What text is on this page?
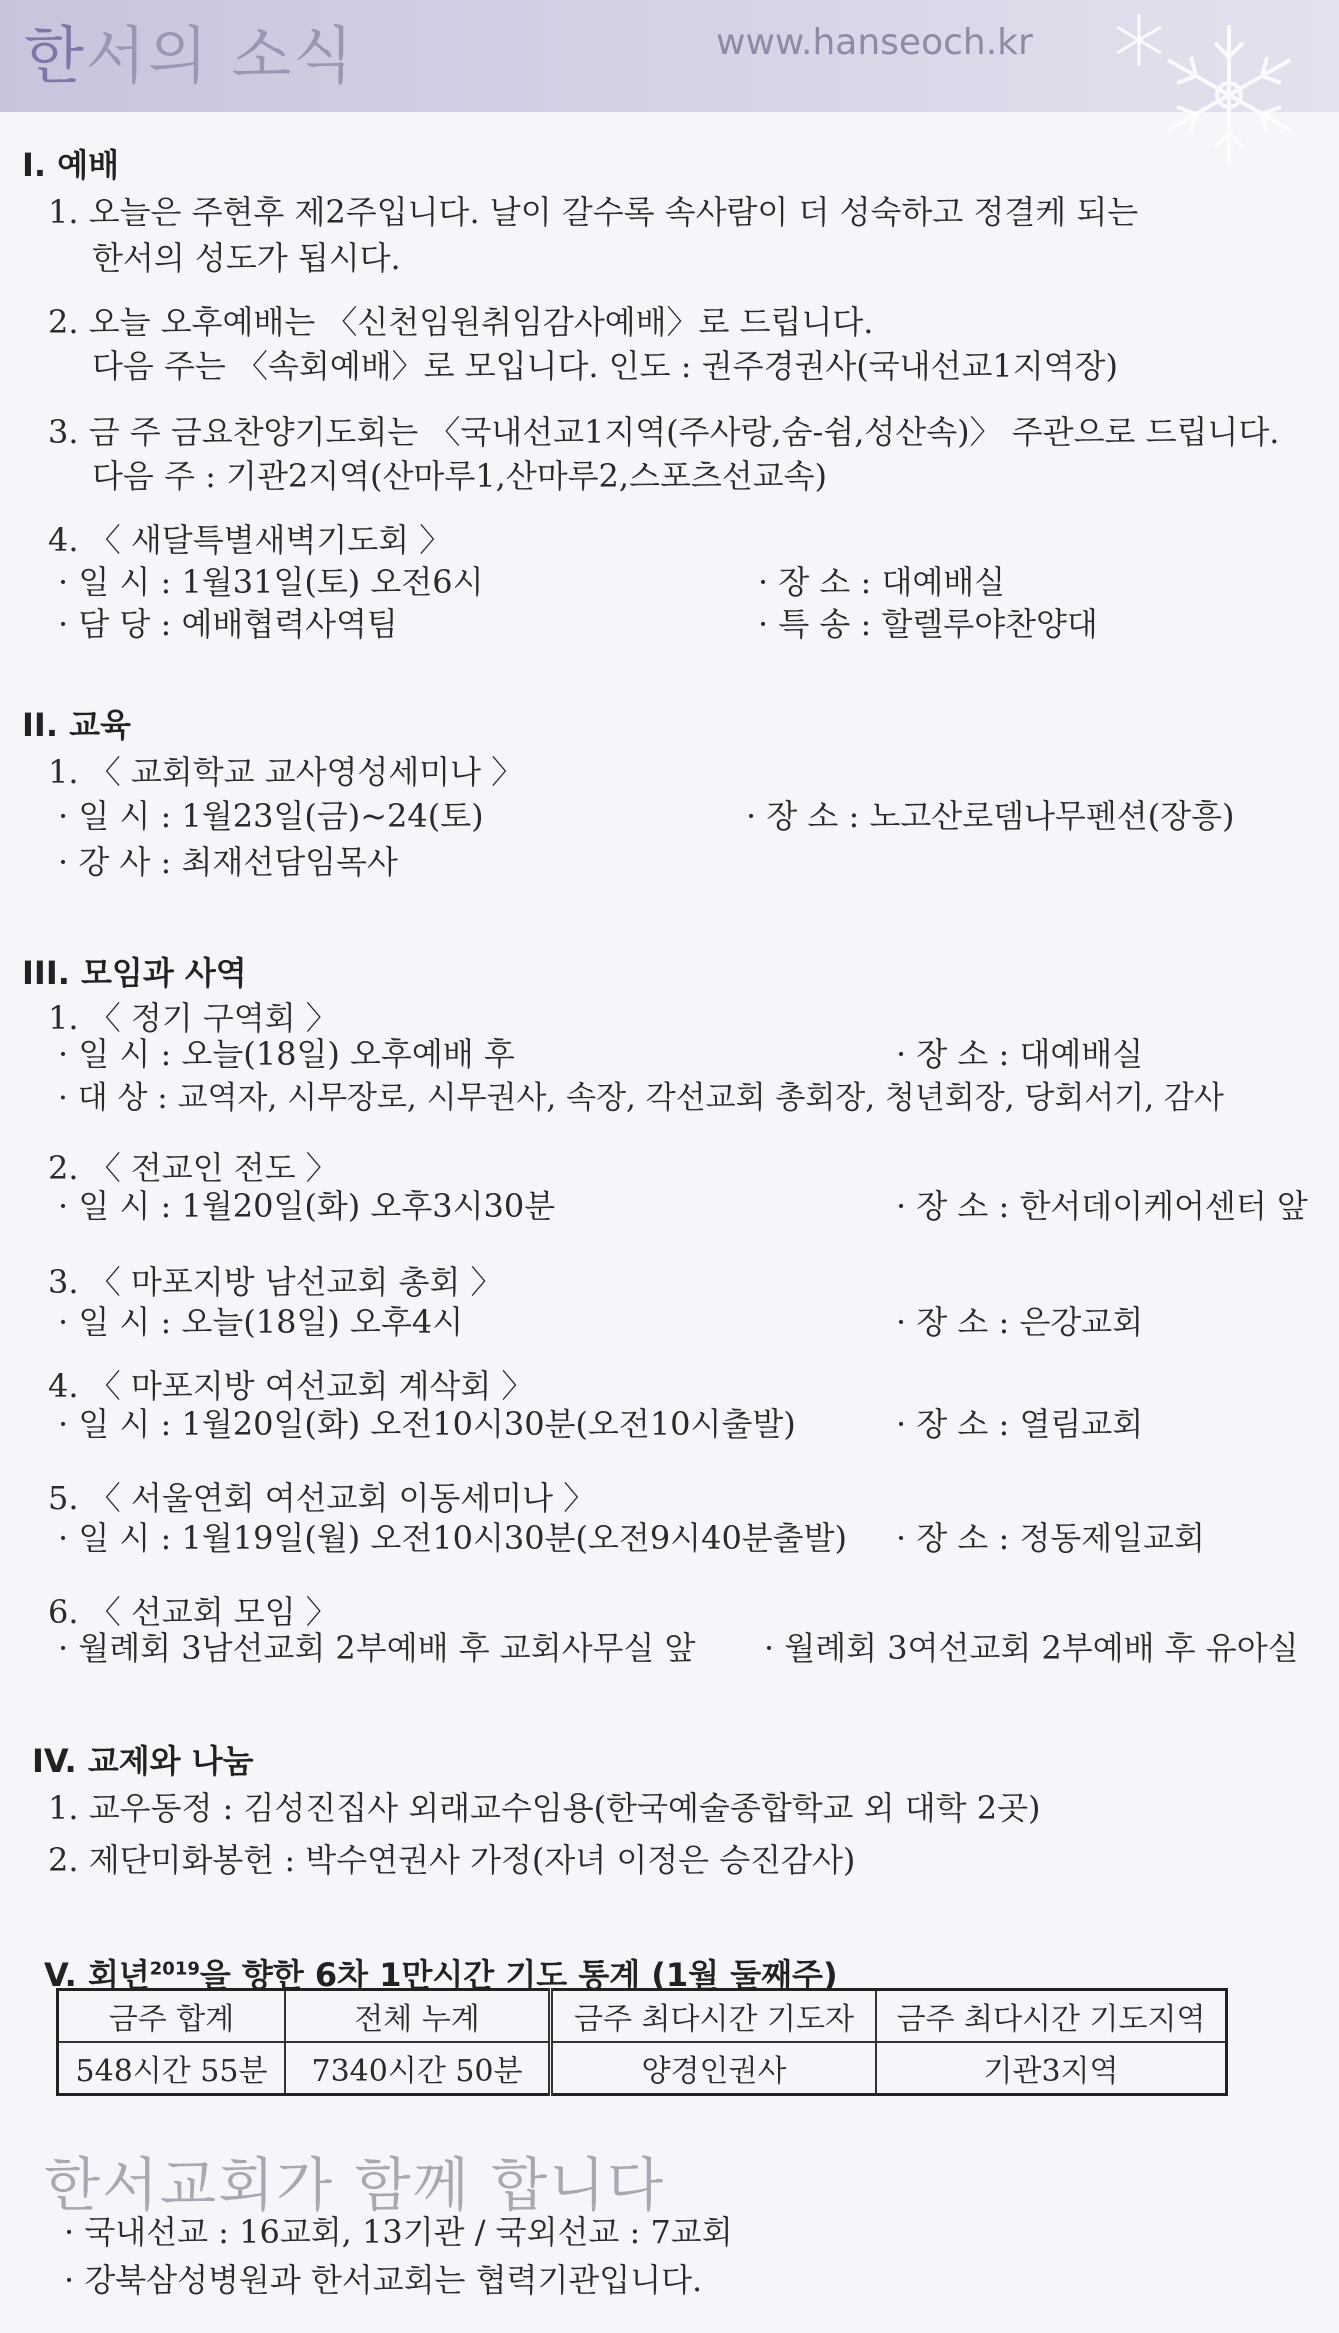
한서의 소식	www.hanseoch.kr
I. 예배
1. 오늘은 주현후 제2주입니다. 날이 갈수록 속사람이 더 성숙하고 정결케 되는
한서의 성도가 됩시다.
2. 오늘 오후예배는 〈신천임원취임감사예배〉로 드립니다.
다음 주는 〈속회예배〉로 모입니다. 인도 : 권주경권사(국내선교1지역장)
3. 금 주 금요찬양기도회는 〈국내선교1지역(주사랑,숨-쉼,성산속)〉 주관으로 드립니다.
다음 주 : 기관2지역(산마루1,산마루2,스포츠선교속)
4. 〈 새달특별새벽기도회 〉
· 일 시 : 1월31일(토) 오전6시	· 장 소 : 대예배실
· 담 당 : 예배협력사역팀	· 특 송 : 할렐루야찬양대
II. 교육
1. 〈 교회학교 교사영성세미나 〉
· 일 시 : 1월23일(금)~24(토)	· 장 소 : 노고산로뎀나무펜션(장흥)
· 강 사 : 최재선담임목사
III. 모임과 사역
1. 〈 정기 구역회 〉
· 일 시 : 오늘(18일) 오후예배 후	· 장 소 : 대예배실
· 대 상 : 교역자, 시무장로, 시무권사, 속장, 각선교회 총회장, 청년회장, 당회서기, 감사
2. 〈 전교인 전도 〉
· 일 시 : 1월20일(화) 오후3시30분	· 장 소 : 한서데이케어센터 앞
3. 〈 마포지방 남선교회 총회 〉
· 일 시 : 오늘(18일) 오후4시	· 장 소 : 은강교회
4. 〈 마포지방 여선교회 계삭회 〉
· 일 시 : 1월20일(화) 오전10시30분(오전10시출발)	· 장 소 : 열림교회
5. 〈 서울연회 여선교회 이동세미나 〉
· 일 시 : 1월19일(월) 오전10시30분(오전9시40분출발) · 장 소 : 정동제일교회
6. 〈 선교회 모임 〉
· 월례회 3남선교회 2부예배 후 교회사무실 앞 · 월례회 3여선교회 2부예배 후 유아실
IV. 교제와 나눔
1. 교우동정 : 김성진집사 외래교수임용(한국예술종합학교 외 대학 2곳)
2. 제단미화봉헌 : 박수연권사 가정(자녀 이정은 승진감사)
V. 회년$^{2019}$을 향한 6차 1만시간 기도 통계 (1월 둘째주)
금주 합계	전체 누계	금주 최다시간 기도자	금주 최다시간 기도지역
548시간 55분	7340시간 50분	양경인권사	기관3지역
한서교회가 함께 합니다
· 국내선교 : 16교회, 13기관 / 국외선교 : 7교회
· 강북삼성병원과 한서교회는 협력기관입니다.
